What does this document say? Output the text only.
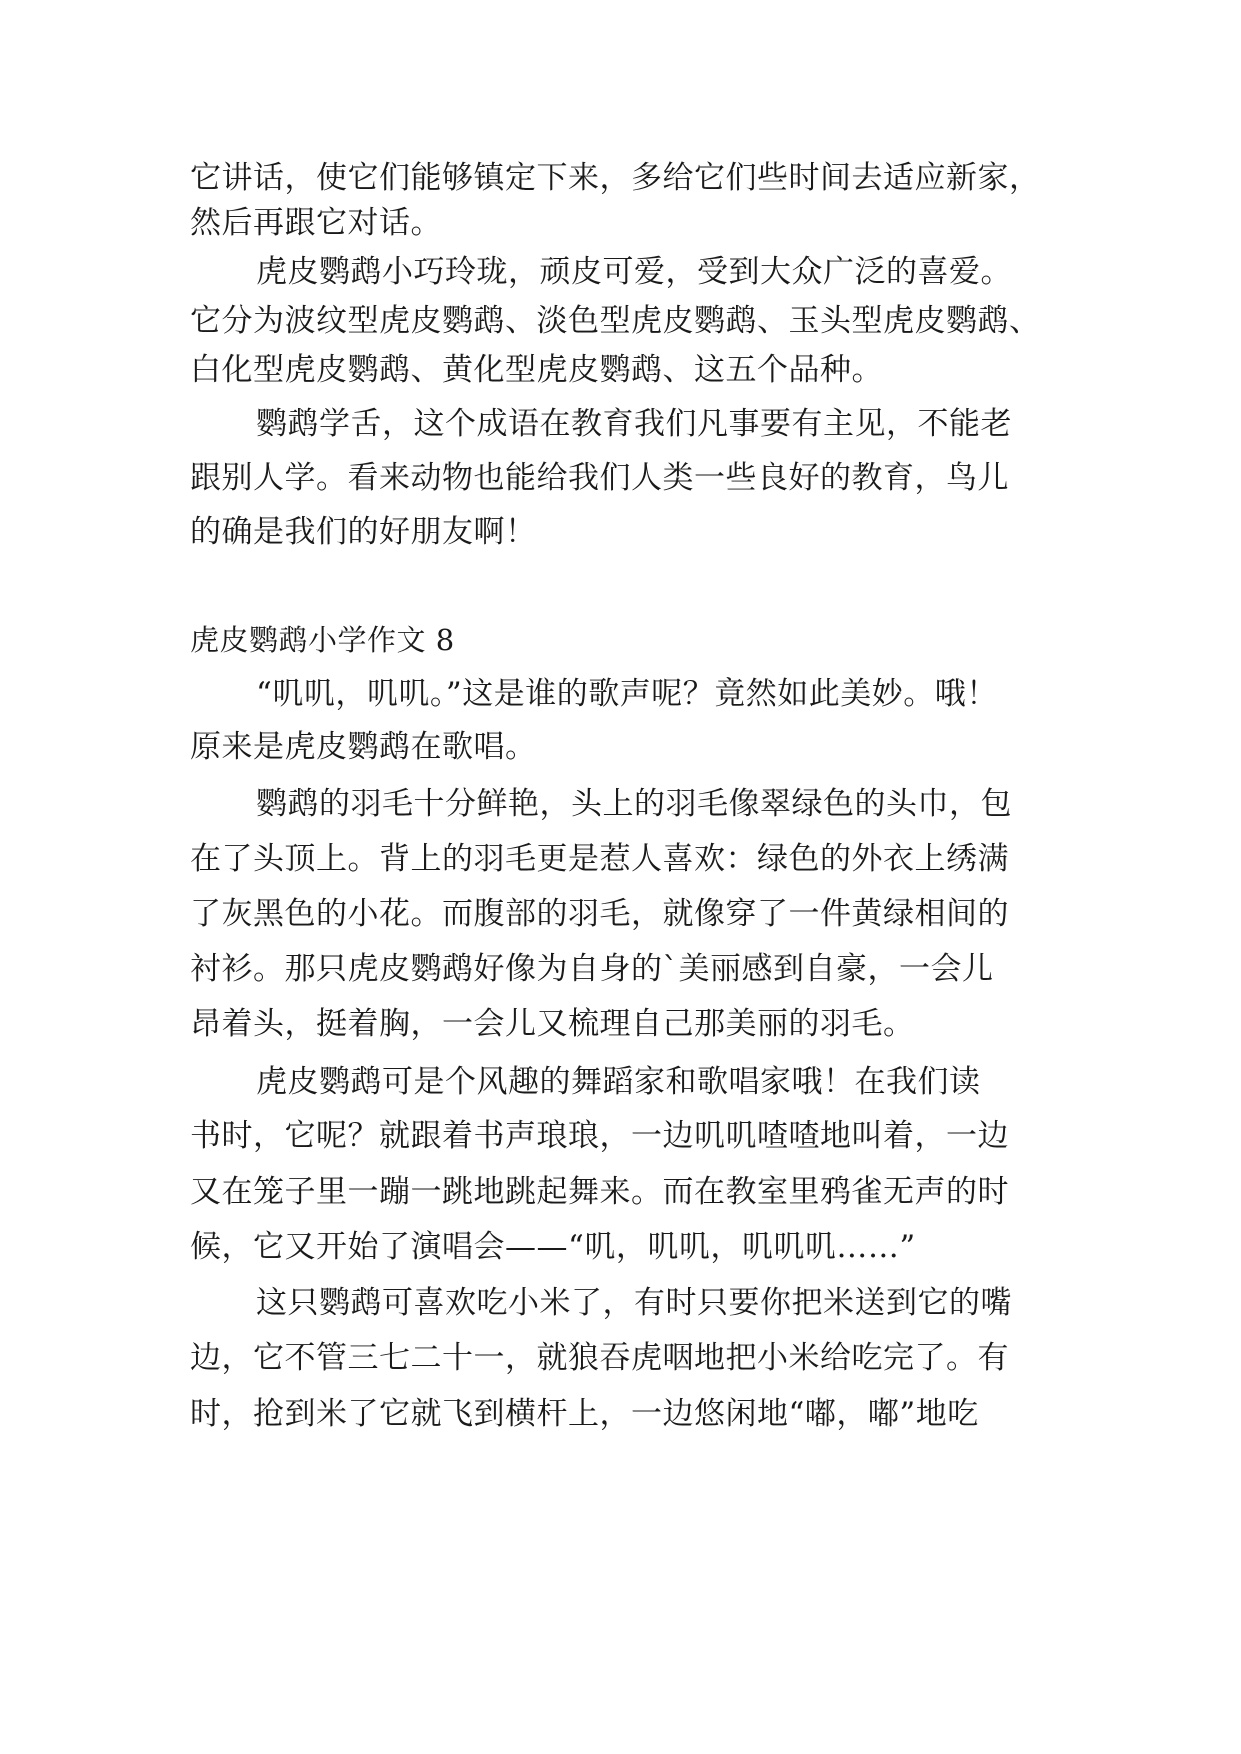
它讲话，使它们能够镇定下来，多给它们些时间去适应新家，
然后再跟它对话。
虎皮鹦鹉小巧玲珑，顽皮可爱，受到大众广泛的喜爱。
它分为波纹型虎皮鹦鹉、淡色型虎皮鹦鹉、玉头型虎皮鹦鹉、
白化型虎皮鹦鹉、黄化型虎皮鹦鹉、这五个品种。
鹦鹉学舌，这个成语在教育我们凡事要有主见，不能老
跟别人学。看来动物也能给我们人类一些良好的教育，鸟儿
的确是我们的好朋友啊！
虎皮鹦鹉小学作文 8
“叽叽，叽叽。”这是谁的歌声呢？竟然如此美妙。哦！
原来是虎皮鹦鹉在歌唱。
鹦鹉的羽毛十分鲜艳，头上的羽毛像翠绿色的头巾，包
在了头顶上。背上的羽毛更是惹人喜欢：绿色的外衣上绣满
了灰黑色的小花。而腹部的羽毛，就像穿了一件黄绿相间的
衬衫。那只虎皮鹦鹉好像为自身的`美丽感到自豪，一会儿
昂着头，挺着胸，一会儿又梳理自己那美丽的羽毛。
虎皮鹦鹉可是个风趣的舞蹈家和歌唱家哦！在我们读
书时，它呢？就跟着书声琅琅，一边叽叽喳喳地叫着，一边
又在笼子里一蹦一跳地跳起舞来。而在教室里鸦雀无声的时
候，它又开始了演唱会——“叽，叽叽，叽叽叽……”
这只鹦鹉可喜欢吃小米了，有时只要你把米送到它的嘴
边，它不管三七二十一，就狼吞虎咽地把小米给吃完了。有
时，抢到米了它就飞到横杆上，一边悠闲地“嘟，嘟”地吃
